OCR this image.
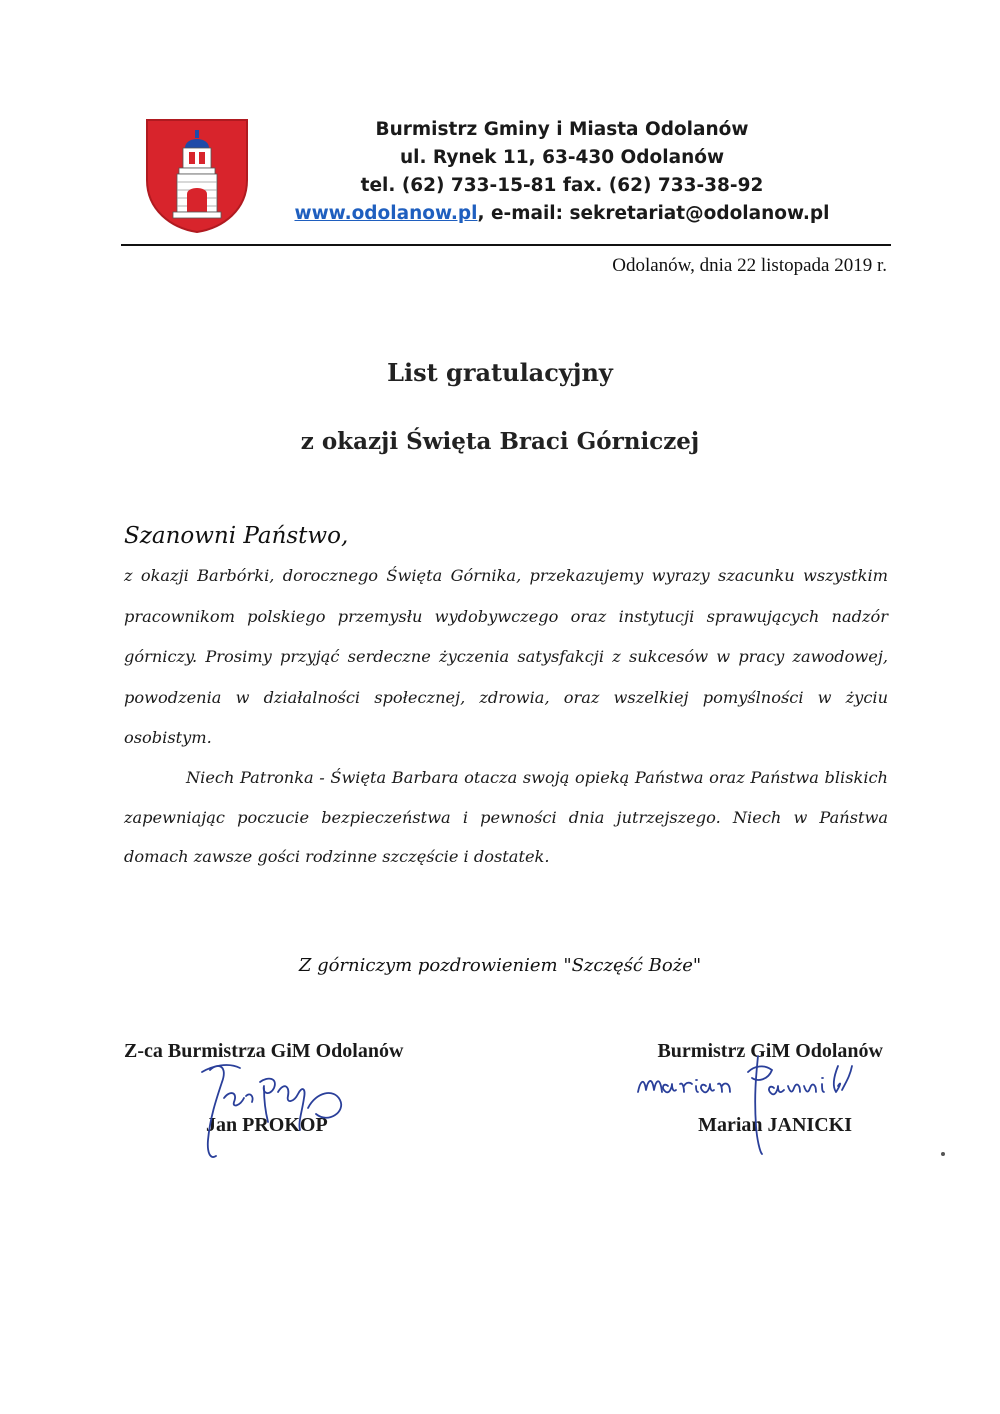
Burmistrz Gminy i Miasta Odolanów
ul. Rynek 11, 63-430 Odolanów
tel. (62) 733-15-81 fax. (62) 733-38-92
www.odolanow.pl, e-mail: sekretariat@odolanow.pl
Odolanów, dnia 22 listopada 2019 r.
List gratulacyjny
z okazji Święta Braci Górniczej
Szanowni Państwo,
z okazji Barbórki, dorocznego Święta Górnika, przekazujemy wyrazy szacunku wszystkim pracownikom polskiego przemysłu wydobywczego oraz instytucji sprawujących nadzór górniczy. Prosimy przyjąć serdeczne życzenia satysfakcji z sukcesów w pracy zawodowej, powodzenia w działalności społecznej, zdrowia, oraz wszelkiej pomyślności w życiu osobistym.
Niech Patronka - Święta Barbara otacza swoją opieką Państwa oraz Państwa bliskich zapewniając poczucie bezpieczeństwa i pewności dnia jutrzejszego. Niech w Państwa domach zawsze gości rodzinne szczęście i dostatek.
Z górniczym pozdrowieniem "Szczęść Boże"
Z-ca Burmistrza GiM Odolanów
Jan PROKOP
Burmistrz GiM Odolanów
Marian JANICKI
